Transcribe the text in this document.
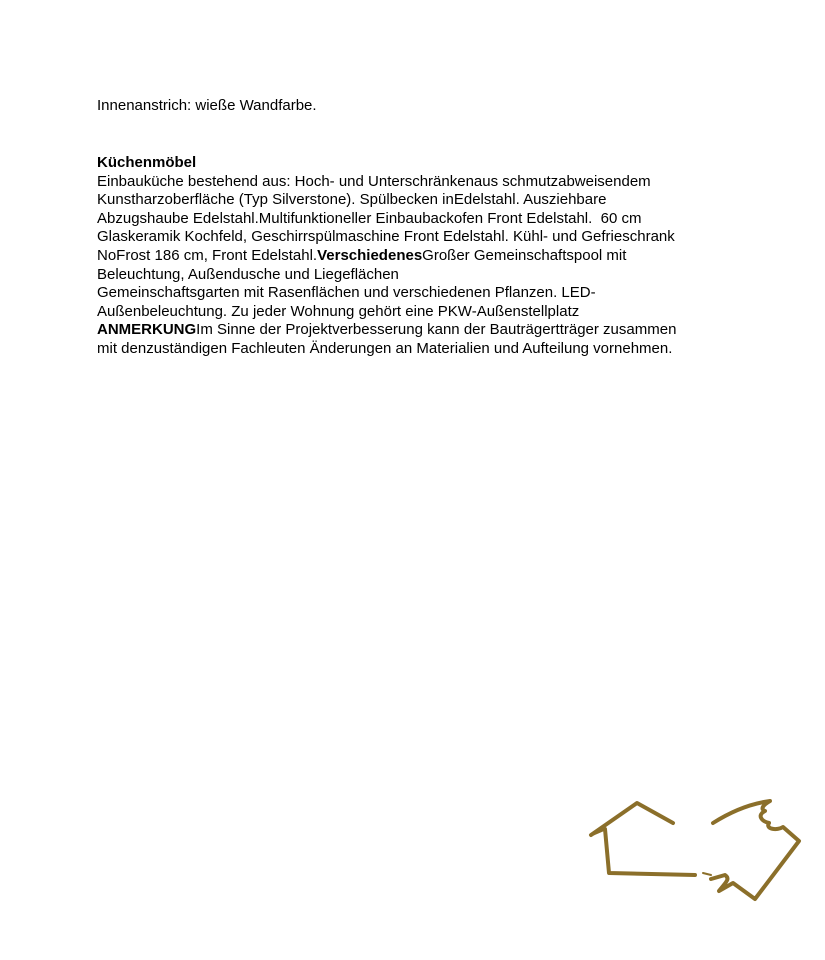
Innenanstrich: wieße Wandfarbe.
Küchenmöbel
Einbauküche bestehend aus: Hoch- und Unterschränkenaus schmutzabweisendem
Kunstharzoberfläche (Typ Silverstone). Spülbecken inEdelstahl. Ausziehbare
Abzugshaube Edelstahl.Multifunktioneller Einbaubackofen Front Edelstahl.  60 cm
Glaskeramik Kochfeld, Geschirrspülmaschine Front Edelstahl. Kühl- und Gefrieschrank
NoFrost 186 cm, Front Edelstahl.VerschiedenesGroßer Gemeinschaftspool mit
Beleuchtung, Außendusche und Liegeflächen
Gemeinschaftsgarten mit Rasenflächen und verschiedenen Pflanzen. LED-
Außenbeleuchtung. Zu jeder Wohnung gehört eine PKW-Außenstellplatz
ANMERKUNGIm Sinne der Projektverbesserung kann der Bauträgertträger zusammen
mit denzuständigen Fachleuten Änderungen an Materialien und Aufteilung vornehmen.
